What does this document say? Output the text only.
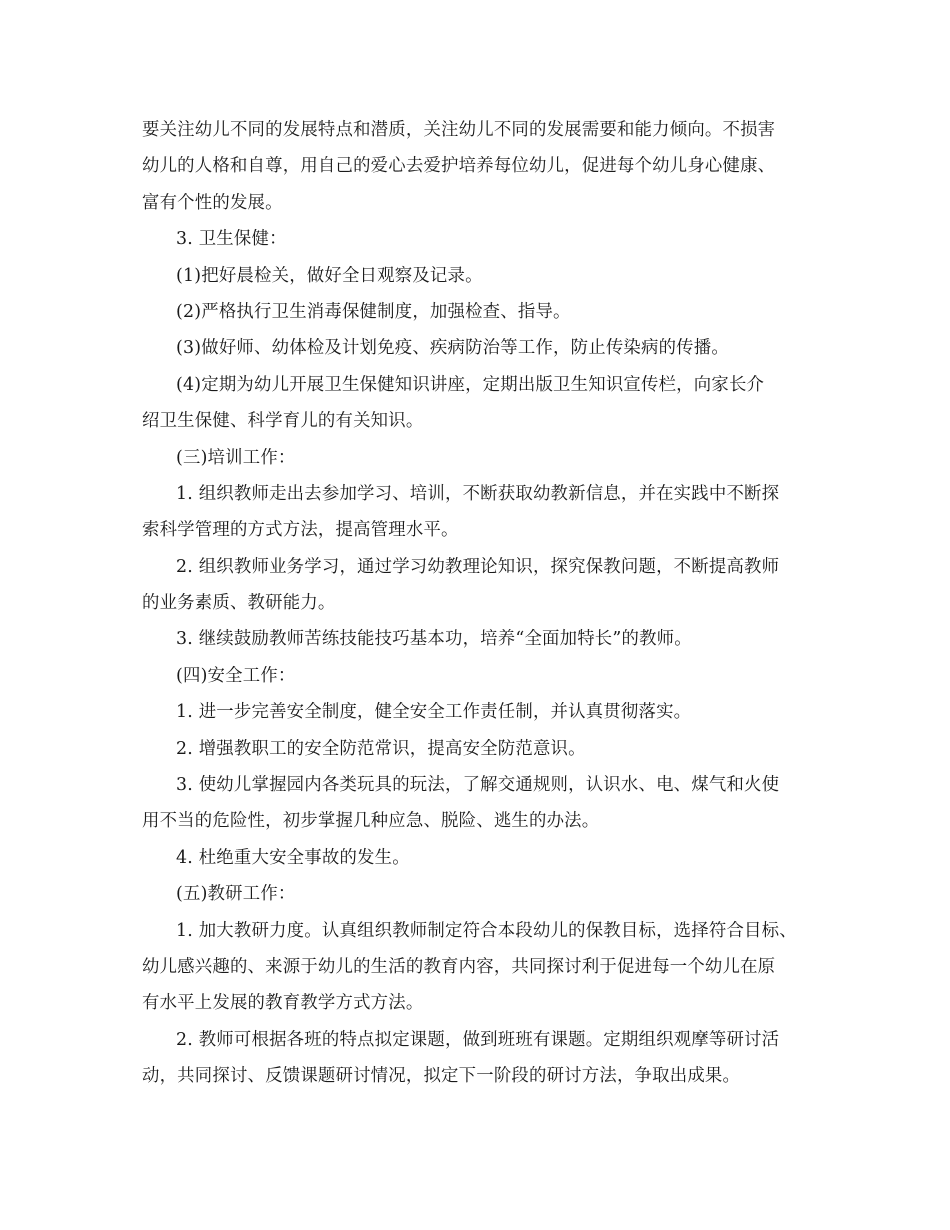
要关注幼儿不同的发展特点和潜质，关注幼儿不同的发展需要和能力倾向。不损害
幼儿的人格和自尊，用自己的爱心去爱护培养每位幼儿，促进每个幼儿身心健康、
富有个性的发展。
3. 卫生保健：
(1)把好晨检关，做好全日观察及记录。
(2)严格执行卫生消毒保健制度，加强检查、指导。
(3)做好师、幼体检及计划免疫、疾病防治等工作，防止传染病的传播。
(4)定期为幼儿开展卫生保健知识讲座，定期出版卫生知识宣传栏，向家长介
绍卫生保健、科学育儿的有关知识。
(三)培训工作：
1. 组织教师走出去参加学习、培训，不断获取幼教新信息，并在实践中不断探
索科学管理的方式方法，提高管理水平。
2. 组织教师业务学习，通过学习幼教理论知识，探究保教问题，不断提高教师
的业务素质、教研能力。
3. 继续鼓励教师苦练技能技巧基本功，培养“全面加特长”的教师。
(四)安全工作：
1. 进一步完善安全制度，健全安全工作责任制，并认真贯彻落实。
2. 增强教职工的安全防范常识，提高安全防范意识。
3. 使幼儿掌握园内各类玩具的玩法，了解交通规则，认识水、电、煤气和火使
用不当的危险性，初步掌握几种应急、脱险、逃生的办法。
4. 杜绝重大安全事故的发生。
(五)教研工作：
1. 加大教研力度。认真组织教师制定符合本段幼儿的保教目标，选择符合目标、
幼儿感兴趣的、来源于幼儿的生活的教育内容，共同探讨利于促进每一个幼儿在原
有水平上发展的教育教学方式方法。
2. 教师可根据各班的特点拟定课题，做到班班有课题。定期组织观摩等研讨活
动，共同探讨、反馈课题研讨情况，拟定下一阶段的研讨方法，争取出成果。
